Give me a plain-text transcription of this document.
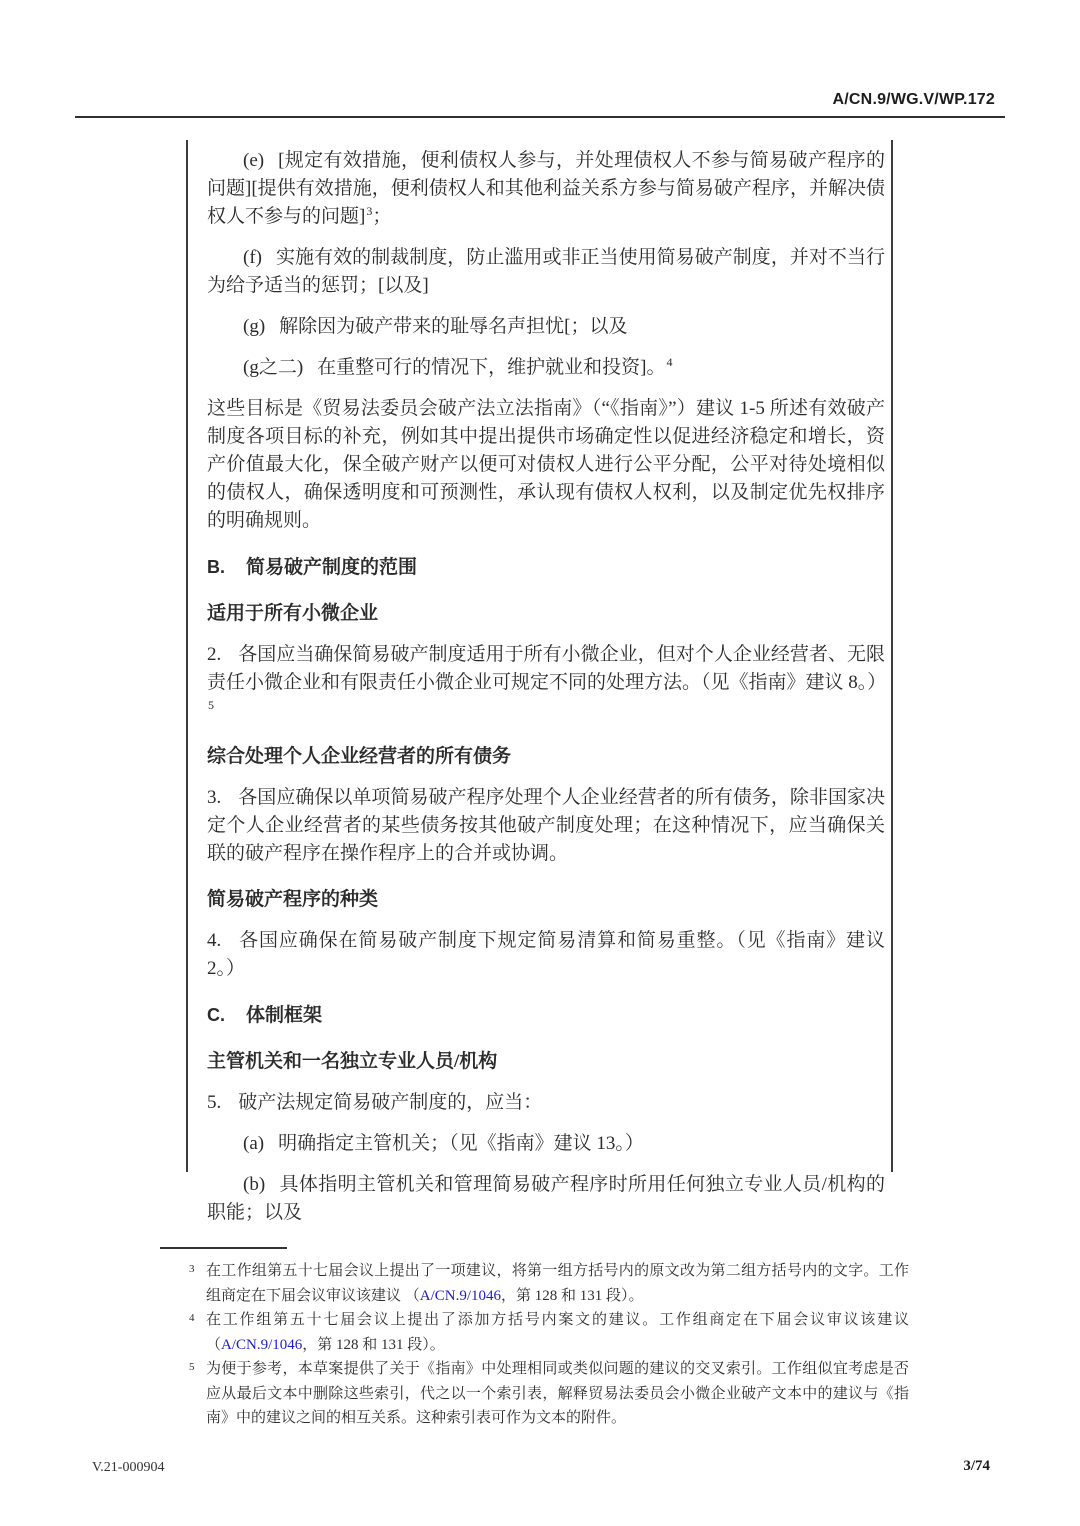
A/CN.9/WG.V/WP.172

(e) [规定有效措施，便利债权人参与，并处理债权人不参与简易破产程序的问题][提供有效措施，便利债权人和其他利益关系方参与简易破产程序，并解决债权人不参与的问题]$^3$；

(f) 实施有效的制裁制度，防止滥用或非正当使用简易破产制度，并对不当行为给予适当的惩罚；[以及]

(g) 解除因为破产带来的耻辱名声担忧[；以及

(g之二) 在重整可行的情况下，维护就业和投资]。$^4$

这些目标是《贸易法委员会破产法立法指南》（“《指南》”）建议 1-5 所述有效破产制度各项目标的补充，例如其中提出提供市场确定性以促进经济稳定和增长，资产价值最大化，保全破产财产以便可对债权人进行公平分配，公平对待处境相似的债权人，确保透明度和可预测性，承认现有债权人权利，以及制定优先权排序的明确规则。

B. 简易破产制度的范围

适用于所有小微企业

2. 各国应当确保简易破产制度适用于所有小微企业，但对个人企业经营者、无限责任小微企业和有限责任小微企业可规定不同的处理方法。（见《指南》建议 8。）$^5$

综合处理个人企业经营者的所有债务

3. 各国应确保以单项简易破产程序处理个人企业经营者的所有债务，除非国家决定个人企业经营者的某些债务按其他破产制度处理；在这种情况下，应当确保关联的破产程序在操作程序上的合并或协调。

简易破产程序的种类

4. 各国应确保在简易破产制度下规定简易清算和简易重整。（见《指南》建议 2。）

C. 体制框架

主管机关和一名独立专业人员/机构

5. 破产法规定简易破产制度的，应当：

(a) 明确指定主管机关；（见《指南》建议 13。）

(b) 具体指明主管机关和管理简易破产程序时所用任何独立专业人员/机构的职能；以及

3 在工作组第五十七届会议上提出了一项建议，将第一组方括号内的原文改为第二组方括号内的文字。工作组商定在下届会议审议该建议 （A/CN.9/1046，第 128 和 131 段）。
4 在工作组第五十七届会议上提出了添加方括号内案文的建议。工作组商定在下届会议审议该建议（A/CN.9/1046，第 128 和 131 段）。
5 为便于参考，本草案提供了关于《指南》中处理相同或类似问题的建议的交叉索引。工作组似宜考虑是否应从最后文本中删除这些索引，代之以一个索引表，解释贸易法委员会小微企业破产文本中的建议与《指南》中的建议之间的相互关系。这种索引表可作为文本的附件。
V.21-000904	3/74
